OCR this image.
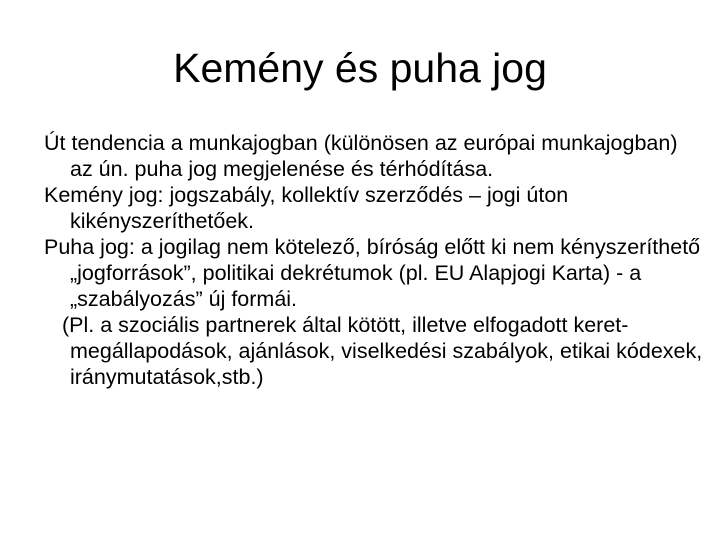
Kemény és puha jog

Út tendencia a munkajogban (különösen az európai munkajogban) az ún. puha jog megjelenése és térhódítása.

Kemény jog: jogszabály, kollektív szerződés – jogi úton kikényszeríthetőek.

Puha jog: a jogilag nem kötelező, bíróság előtt ki nem kényszeríthető „jogforrások”, politikai dekrétumok (pl. EU Alapjogi Karta) - a „szabályozás” új formái.

(Pl. a szociális partnerek által kötött, illetve elfogadott keret-megállapodások, ajánlások, viselkedési szabályok, etikai kódexek, iránymutatások,stb.)
